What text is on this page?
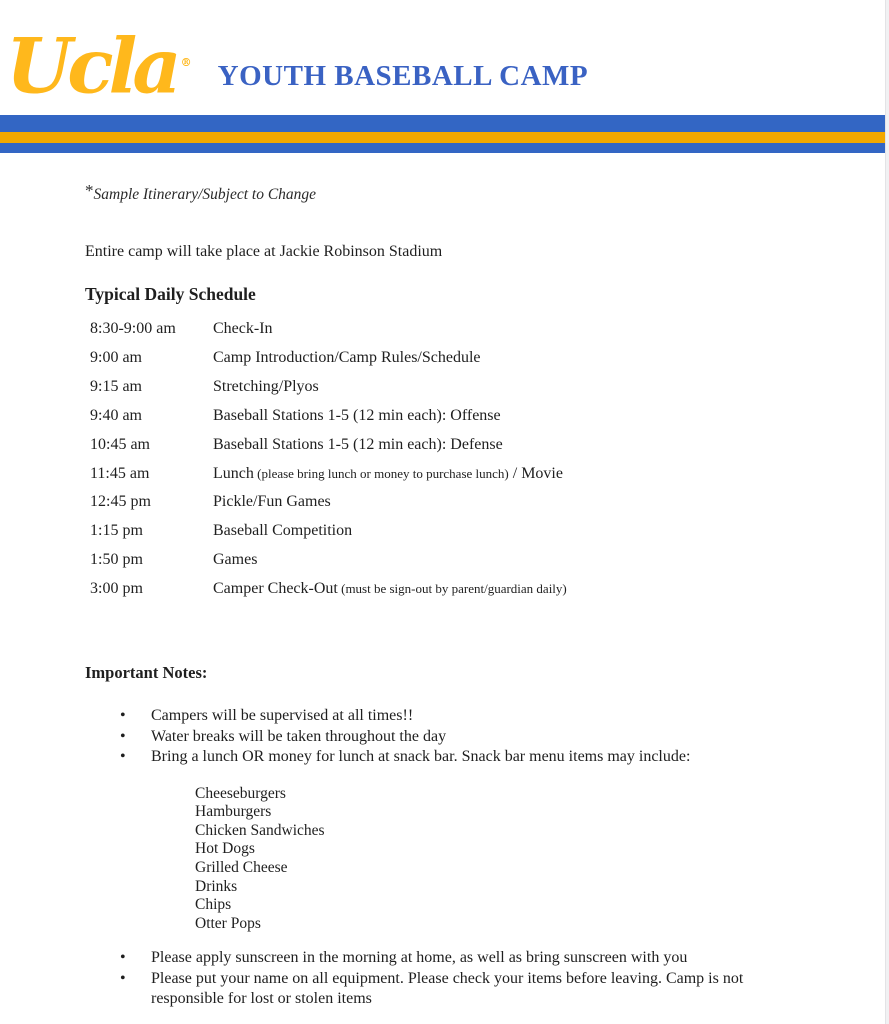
Ucla ® YOUTH BASEBALL CAMP

*Sample Itinerary/Subject to Change

Entire camp will take place at Jackie Robinson Stadium

Typical Daily Schedule
8:30-9:00 am	Check-In
9:00 am	Camp Introduction/Camp Rules/Schedule
9:15 am	Stretching/Plyos
9:40 am	Baseball Stations 1-5 (12 min each): Offense
10:45 am	Baseball Stations 1-5 (12 min each): Defense
11:45 am	Lunch (please bring lunch or money to purchase lunch) / Movie
12:45 pm	Pickle/Fun Games
1:15 pm	Baseball Competition
1:50 pm	Games
3:00 pm	Camper Check-Out (must be sign-out by parent/guardian daily)
Important Notes:
• Campers will be supervised at all times!!
• Water breaks will be taken throughout the day
• Bring a lunch OR money for lunch at snack bar. Snack bar menu items may include:
Cheeseburgers
Hamburgers
Chicken Sandwiches
Hot Dogs
Grilled Cheese
Drinks
Chips
Otter Pops
• Please apply sunscreen in the morning at home, as well as bring sunscreen with you
• Please put your name on all equipment. Please check your items before leaving. Camp is not responsible for lost or stolen items
